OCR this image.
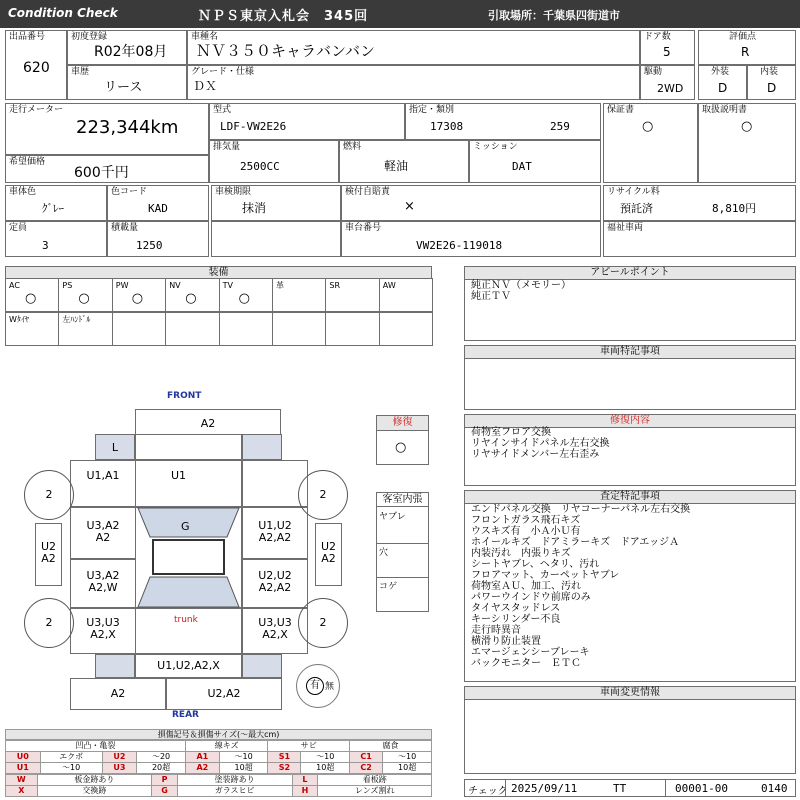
Condition Check	ＮＰＳ東京入札会　345回	引取場所：千葉県四街道市
出品番号
620
初度登録
R02年08月
車種名
ＮＶ３５０キャラバンバン
ドア数
5
評価点
R
車歴
リース
グレード・仕様
ＤＸ
駆動
2WD
外装
D
内装
D
走行メーター
223,344km
型式
LDF-VW2E26
指定・類別
17308	259
保証書
○
取扱説明書
○
希望価格
600千円
排気量
2500CC
燃料
軽油
ミッション
DAT
車体色
ｸﾞﾚｰ
色コード
KAD
車検期限
抹消
検付自賠責
×
リサイクル料
預託済	8,810円
定員
3
積載量
1250
車台番号
VW2E26-119018
福祉車両
装備
AC
○
PS
○
PW
○
NV
○
TV
○
革	SR	AW
Wﾀｲﾔ	左ﾊﾝﾄﾞﾙ
アピールポイント
純正ＮＶ（メモリー）
純正ＴＶ
車両特記事項
修復
○
修復内容
荷物室フロア交換
リヤインサイドパネル左右交換
リヤサイドメンバー左右歪み
客室内張
ヤブレ
穴
コゲ
査定特記事項
エンドパネル交換　リヤコーナーパネル左右交換
フロントガラス飛石キズ
ウスキズ有　小Ａ小Ｕ有
ホイールキズ　ドアミラーキズ　ドアエッジＡ
内装汚れ　内張りキズ
シートヤブレ、ヘタリ、汚れ
フロアマット、カーペットヤブレ
荷物室ＡＵ、加工、汚れ
パワーウインドウ前席のみ
タイヤスタッドレス
キーシリンダー不良
走行時異音
横滑り防止装置
エマージェンシーブレーキ
バックモニター　ＥＴＣ
車両変更情報
チェック 2025/09/11	TT	00001-00	0140
FRONT
REAR
A2
L
U1,A1	U1
U3,A2
A2
U1,U2
A2,A2
U3,A2
A2,W
U2,U2
A2,A2
G
U2
A2
U2
A2
U3,U3
A2,X
trunk	U3,U3
A2,X
U1,U2,A2,X
A2	U2,A2
2	2
2	2
有 無
損傷記号＆損傷サイズ(～最大cm)
凹凸・亀裂				線キズ		サビ		腐食	
U0	エクボ	U2	～20	A1	～10	S1	～10	C1	～10
U1	～10	U3	20超	A2	10超	S2	10超	C2	10超
W	板金跡あり	P	塗装跡あり	L	看板跡
X	交換跡	G	ガラスヒビ	H	レンズ割れ
